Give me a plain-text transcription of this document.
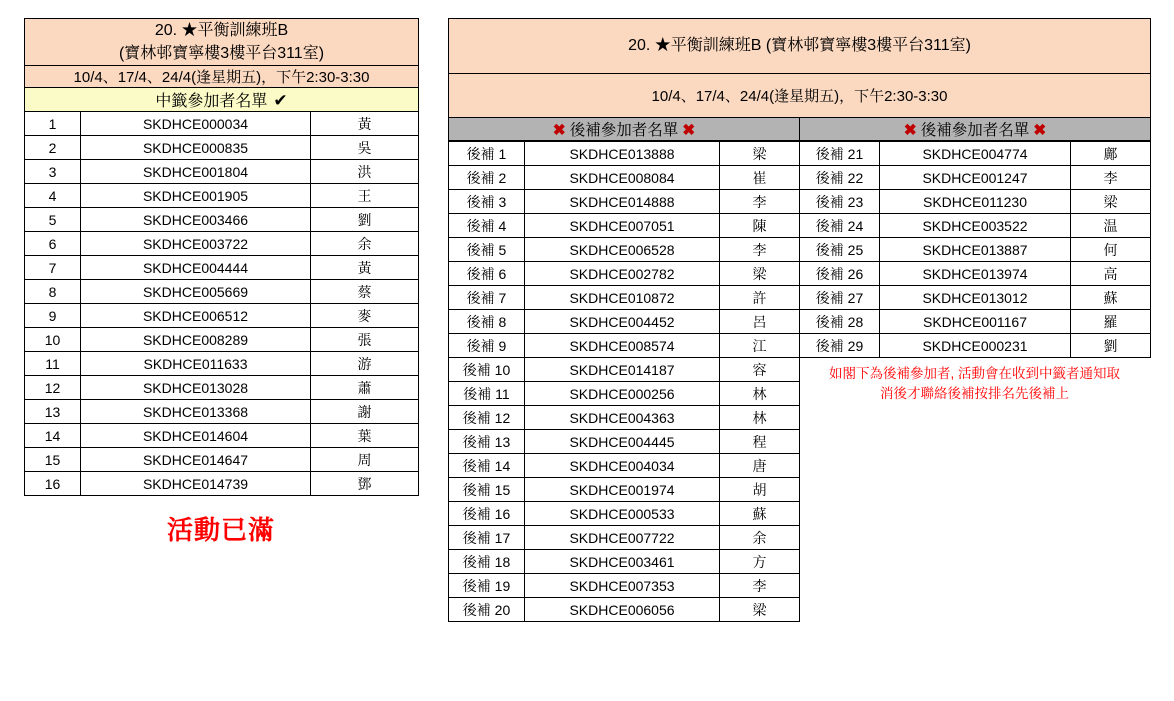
20. ★平衡訓練班B
(寶林邨寶寧樓3樓平台311室)		

10/4、17/4、24/4(逢星期五)，下午2:30-3:30		
中籤參加者名單 ✔		
1	SKDHCE000034	黃
2	SKDHCE000835	吳
3	SKDHCE001804	洪
4	SKDHCE001905	王
5	SKDHCE003466	劉
6	SKDHCE003722	余
7	SKDHCE004444	黃
8	SKDHCE005669	蔡
9	SKDHCE006512	麥
10	SKDHCE008289	張
11	SKDHCE011633	游
12	SKDHCE013028	蕭
13	SKDHCE013368	謝
14	SKDHCE014604	葉
15	SKDHCE014647	周
16	SKDHCE014739	鄧
活動已滿
20. ★平衡訓練班B (寶林邨寶寧樓3樓平台311室)
10/4、17/4、24/4(逢星期五)，下午2:30-3:30
✖ 後補參加者名單 ✖	✖ 後補參加者名單 ✖
後補 1	SKDHCE013888	梁
後補 2	SKDHCE008084	崔
後補 3	SKDHCE014888	李
後補 4	SKDHCE007051	陳
後補 5	SKDHCE006528	李
後補 6	SKDHCE002782	梁
後補 7	SKDHCE010872	許
後補 8	SKDHCE004452	呂
後補 9	SKDHCE008574	江
後補 10	SKDHCE014187	容
後補 11	SKDHCE000256	林
後補 12	SKDHCE004363	林
後補 13	SKDHCE004445	程
後補 14	SKDHCE004034	唐
後補 15	SKDHCE001974	胡
後補 16	SKDHCE000533	蘇
後補 17	SKDHCE007722	余
後補 18	SKDHCE003461	方
後補 19	SKDHCE007353	李
後補 20	SKDHCE006056	梁
後補 21	SKDHCE004774	鄺
後補 22	SKDHCE001247	李
後補 23	SKDHCE011230	梁
後補 24	SKDHCE003522	温
後補 25	SKDHCE013887	何
後補 26	SKDHCE013974	高
後補 27	SKDHCE013012	蘇
後補 28	SKDHCE001167	羅
後補 29	SKDHCE000231	劉
如閣下為後補參加者, 活動會在收到中籤者通知取
消後才聯絡後補按排名先後補上
